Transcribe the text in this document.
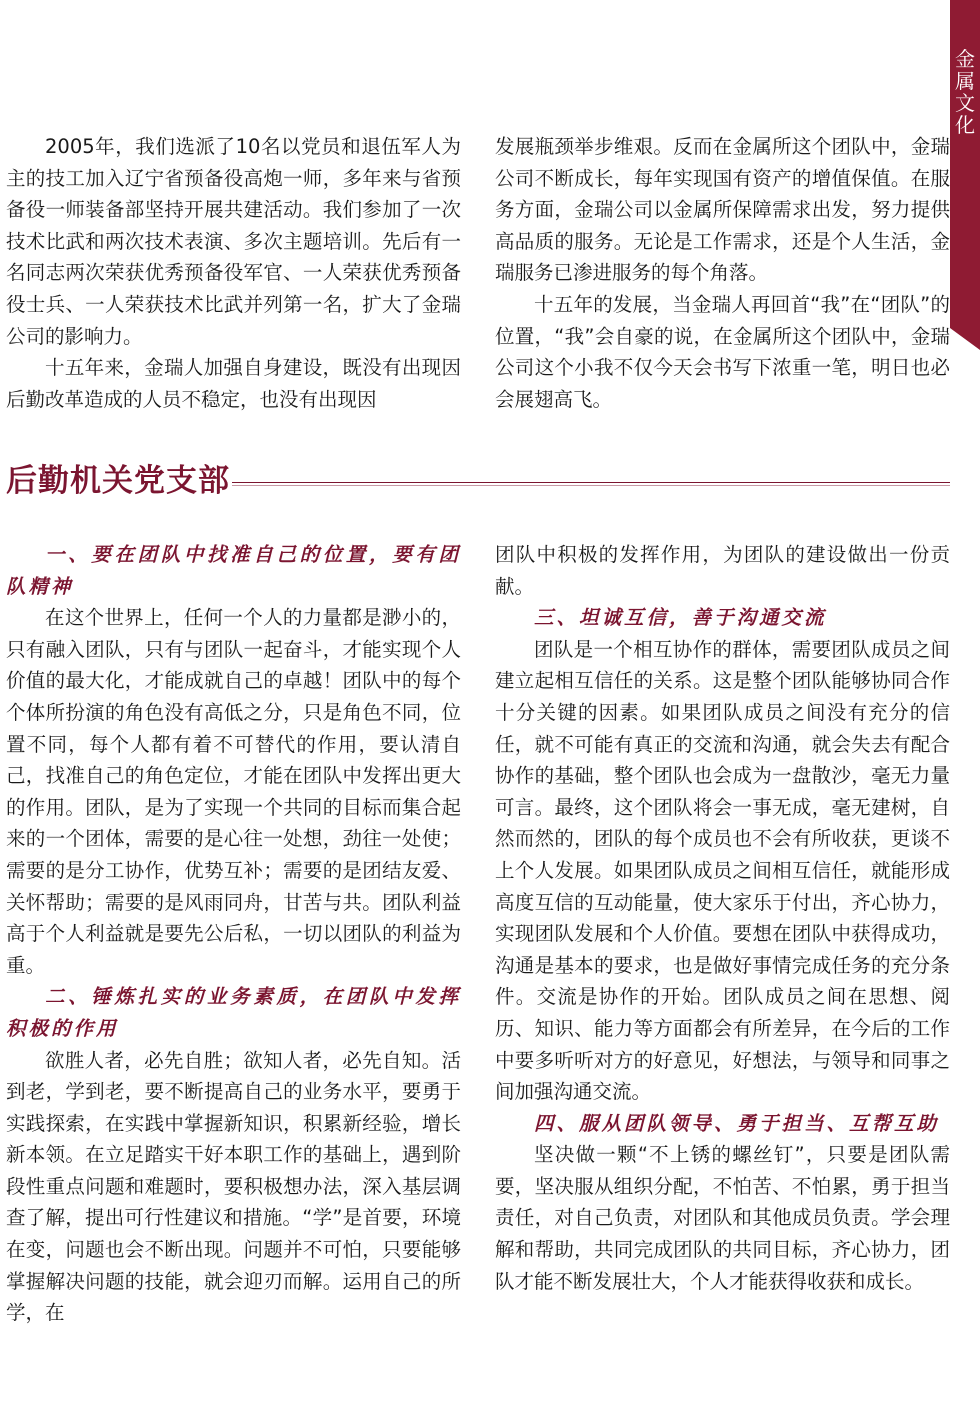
金属文化

2005年，我们选派了10名以党员和退伍军人为主的技工加入辽宁省预备役高炮一师，多年来与省预备役一师装备部坚持开展共建活动。我们参加了一次技术比武和两次技术表演、多次主题培训。先后有一名同志两次荣获优秀预备役军官、一人荣获优秀预备役士兵、一人荣获技术比武并列第一名，扩大了金瑞公司的影响力。

十五年来，金瑞人加强自身建设，既没有出现因后勤改革造成的人员不稳定，也没有出现因

发展瓶颈举步维艰。反而在金属所这个团队中，金瑞公司不断成长，每年实现国有资产的增值保值。在服务方面，金瑞公司以金属所保障需求出发，努力提供高品质的服务。无论是工作需求，还是个人生活，金瑞服务已渗进服务的每个角落。

十五年的发展，当金瑞人再回首“我”在“团队”的位置，“我”会自豪的说，在金属所这个团队中，金瑞公司这个小我不仅今天会书写下浓重一笔，明日也必会展翅高飞。

后勤机关党支部
一、要在团队中找准自己的位置，要有团队精神

在这个世界上，任何一个人的力量都是渺小的，只有融入团队，只有与团队一起奋斗，才能实现个人价值的最大化，才能成就自己的卓越！团队中的每个个体所扮演的角色没有高低之分，只是角色不同，位置不同，每个人都有着不可替代的作用，要认清自己，找准自己的角色定位，才能在团队中发挥出更大的作用。团队，是为了实现一个共同的目标而集合起来的一个团体，需要的是心往一处想，劲往一处使；需要的是分工协作，优势互补；需要的是团结友爱、关怀帮助；需要的是风雨同舟，甘苦与共。团队利益高于个人利益就是要先公后私，一切以团队的利益为重。

二、锤炼扎实的业务素质，在团队中发挥积极的作用

欲胜人者，必先自胜；欲知人者，必先自知。活到老，学到老，要不断提高自己的业务水平，要勇于实践探索，在实践中掌握新知识，积累新经验，增长新本领。在立足踏实干好本职工作的基础上，遇到阶段性重点问题和难题时，要积极想办法，深入基层调查了解，提出可行性建议和措施。“学”是首要，环境在变，问题也会不断出现。问题并不可怕，只要能够掌握解决问题的技能，就会迎刃而解。运用自己的所学，在

团队中积极的发挥作用，为团队的建设做出一份贡献。

三、坦诚互信，善于沟通交流

团队是一个相互协作的群体，需要团队成员之间建立起相互信任的关系。这是整个团队能够协同合作十分关键的因素。如果团队成员之间没有充分的信任，就不可能有真正的交流和沟通，就会失去有配合协作的基础，整个团队也会成为一盘散沙，毫无力量可言。最终，这个团队将会一事无成，毫无建树，自然而然的，团队的每个成员也不会有所收获，更谈不上个人发展。如果团队成员之间相互信任，就能形成高度互信的互动能量，使大家乐于付出，齐心协力，实现团队发展和个人价值。要想在团队中获得成功，沟通是基本的要求，也是做好事情完成任务的充分条件。交流是协作的开始。团队成员之间在思想、阅历、知识、能力等方面都会有所差异，在今后的工作中要多听听对方的好意见，好想法，与领导和同事之间加强沟通交流。

四、服从团队领导、勇于担当、互帮互助

坚决做一颗“不上锈的螺丝钉”，只要是团队需要，坚决服从组织分配，不怕苦、不怕累，勇于担当责任，对自己负责，对团队和其他成员负责。学会理解和帮助，共同完成团队的共同目标，齐心协力，团队才能不断发展壮大，个人才能获得收获和成长。
